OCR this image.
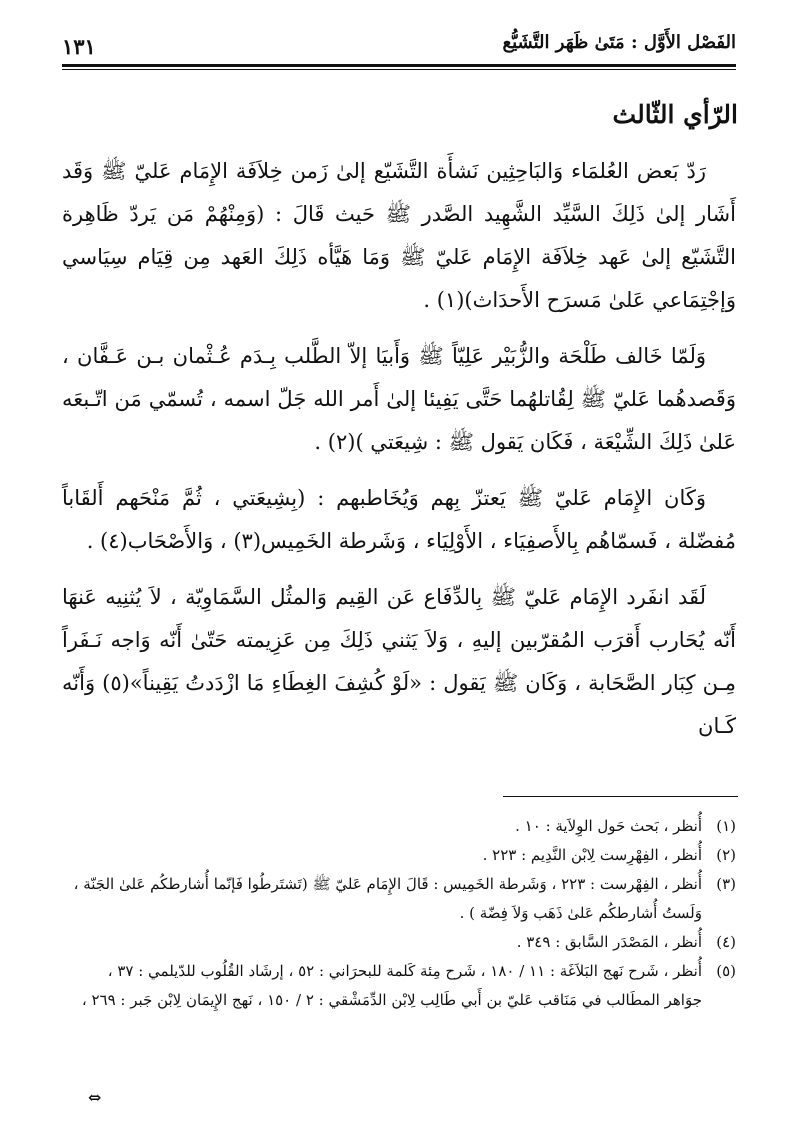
الفَصْل الأَوَّل : مَتَىٰ ظَهَر التَّشَيُّع
١٣١
الرّأي الثّالث

رَدّ بَعض العُلمَاء وَالبَاحِثِين نَشأَة التَّشَيّع إلىٰ زَمن خِلاَفَة الإِمَام عَليّ ﷺ وَقَد أَشَار إلىٰ ذَلِكَ السَّيِّد الشَّهِيد الصَّدر ﷺ حَيث قَالَ : (وَمِنْهُمْ مَن يَردّ ظَاهِرة التَّشَيّع إلىٰ عَهد خِلاَفَة الإِمَام عَليّ ﷺ وَمَا هَيَّأه ذَلِكَ العَهد مِن قِيَام سِيَاسي وَإجْتِمَاعي عَلىٰ مَسرَح الأَحدَاث)(١) .

وَلَمّا خَالف طَلْحَة والزُّبَيْر عَلِيّاً ﷺ وَأَبيَا إلاّ الطَّلب بِـدَم عُـثْمان بـن عَـفَّان ، وَقَصدهُما عَليّ ﷺ لِقُاتلهُما حَتَّى يَفِيئا إلىٰ أَمر الله جَلّ اسمه ، تُسمّي مَن اتّـبعَه عَلىٰ ذَلِكَ الشِّيْعَة ، فَكَان يَقول ﷺ : شِيعَتي )(٢) .

وَكَان الإِمَام عَليّ ﷺ يَعتزّ بِهم وَيُخَاطبهم : (بِشِيعَتي ، ثُمَّ مَنْحَهم أَلقَاباً مُفضّلة ، فَسمّاهُم بِالأَصفِيَاء ، الأَوْلِيَاء ، وَشَرطة الخَمِيس(٣) ، وَالأَصْحَاب(٤) .

لَقَد انفَرد الإِمَام عَليّ ﷺ بِالدِّفَاع عَن القِيم وَالمثُل السَّمَاوِيّة ، لاَ يُثنِيه عَنهَا أَنّه يُحَارب أَقرَب المُقرّبين إليهِ ، وَلاَ يَثني ذَلِكَ مِن عَزِيمته حَتّىٰ أَنّه وَاجه نَـفَراً مِـن كِبَار الصَّحَابة ، وَكَان ﷺ يَقول : «لَوْ كُشِفَ الغِطَاءِ مَا ازْدَدتُ يَقِيناً»(٥) وَأَنّه كَـان

(١)
أُنظر ، بَحث حَول الوِلاَية : ١٠ .
(٢)
أُنظر ، الفِهْرِست لِابْن النَّدِيم : ٢٢٣ .
(٣)
أُنظر ، الفِهْرست : ٢٢٣ ، وَشَرطة الخَمِيس : قَالَ الإِمَام عَليّ ﷺ (تَشتَرطُوا فَإنّما أُشارطكُم عَلىٰ الجَنّة ،
وَلَستُ أُشارطكُم عَلىٰ ذَهَب وَلاَ فِضّة ) .
(٤)
أُنظر ، المَصْدَر السَّابق : ٣٤٩ .
(٥)
أُنظر ، شَرح نَهج البَلاَغَة : ١١ / ١٨٠ ، شَرح مِئة كَلمة للبحرَاني : ٥٢ ، إرشَاد القُلُوب للدّيلمي : ٣٧ ،
جوَاهر المطَالب في مَنَاقب عَليّ بن أَبي طَالِب لِابْن الدِّمَشْقي : ٢ / ١٥٠ ، نَهج الإِيمَان لِابْن جَبر : ٢٦٩ ،
⇔
